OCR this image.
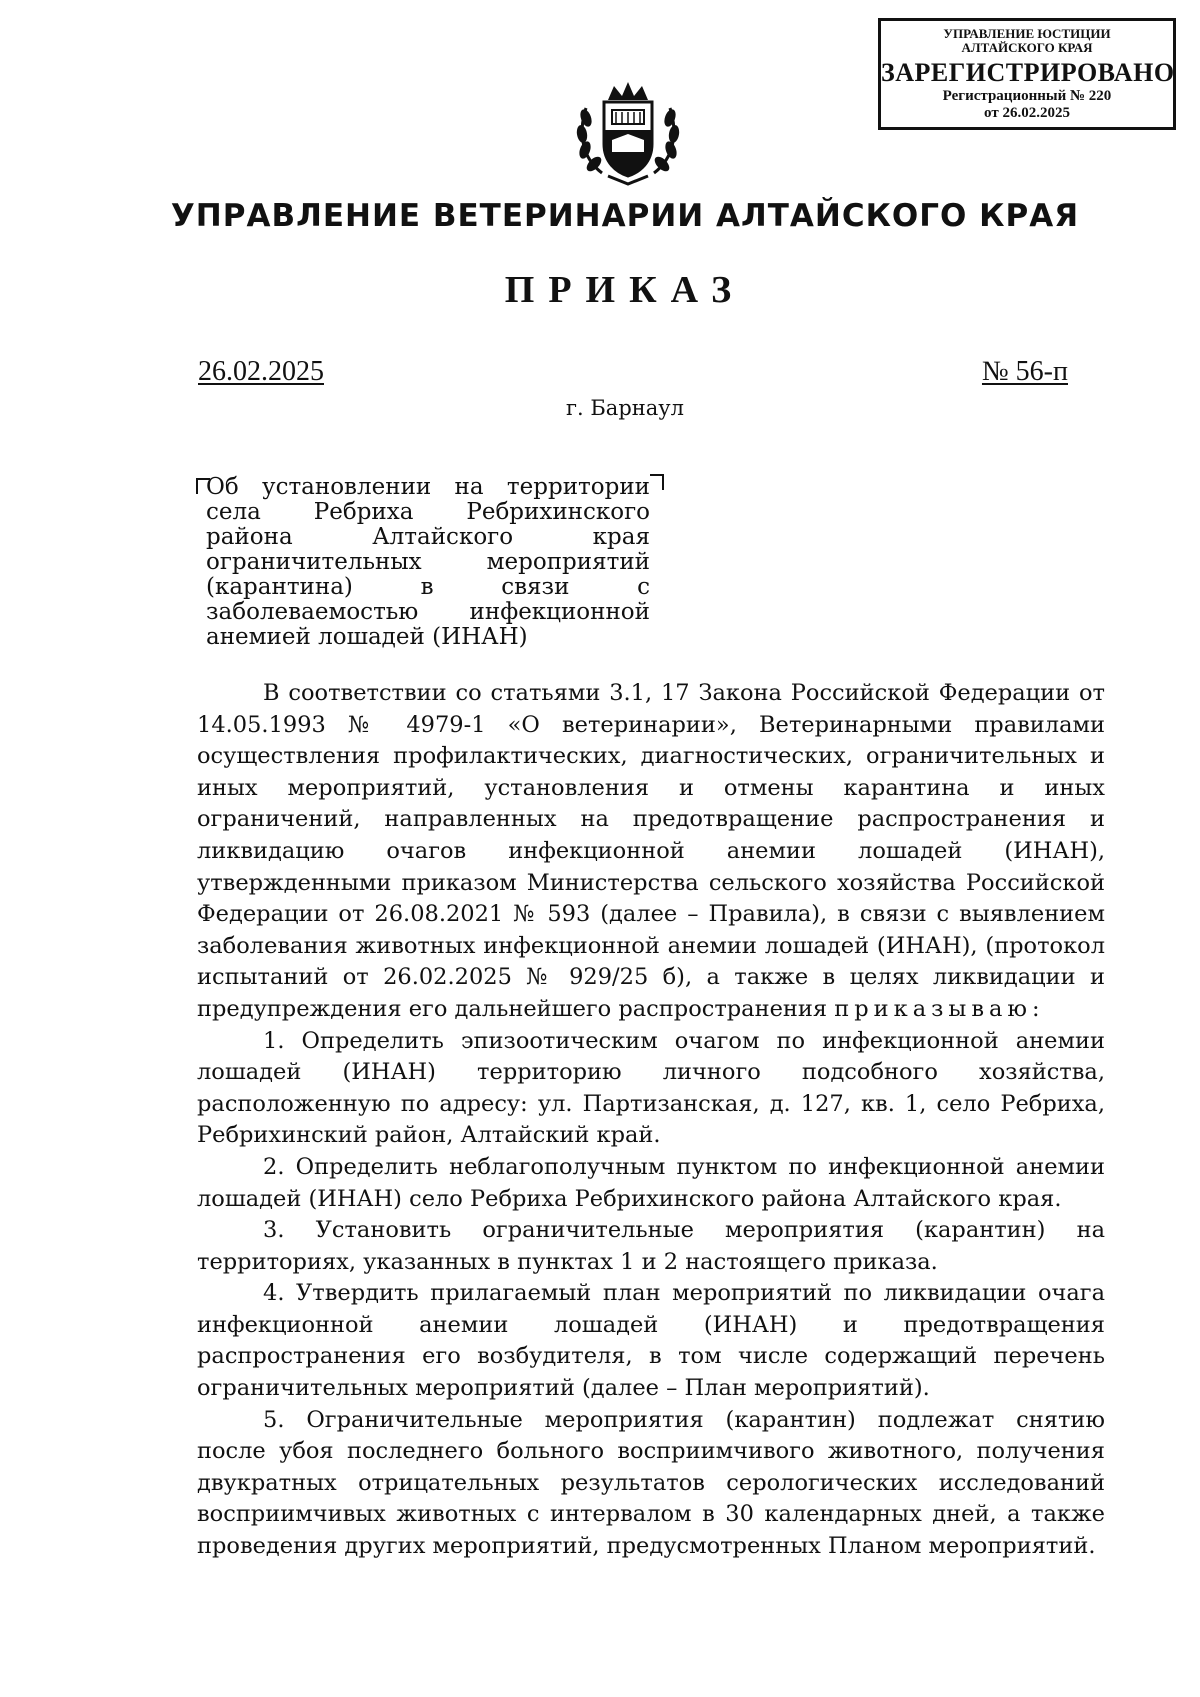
УПРАВЛЕНИЕ ЮСТИЦИИ
АЛТАЙСКОГО КРАЯ
ЗАРЕГИСТРИРОВАНО
Регистрационный № 220
от 26.02.2025
УПРАВЛЕНИЕ ВЕТЕРИНАРИИ АЛТАЙСКОГО КРАЯ
ПРИКАЗ
26.02.2025	№ 56-п
г. Барнаул
Об установлении на территории села Ребриха Ребрихинского района Алтайского края ограничительных мероприятий (карантина) в связи с заболеваемостью инфекционной анемией лошадей (ИНАН)

В соответствии со статьями 3.1, 17 Закона Российской Федерации от 14.05.1993 № 4979-1 «О ветеринарии», Ветеринарными правилами осуществления профилактических, диагностических, ограничительных и иных мероприятий, установления и отмены карантина и иных ограничений, направленных на предотвращение распространения и ликвидацию очагов инфекционной анемии лошадей (ИНАН), утвержденными приказом Министерства сельского хозяйства Российской Федерации от 26.08.2021 № 593 (далее – Правила), в связи с выявлением заболевания животных инфекционной анемии лошадей (ИНАН), (протокол испытаний от 26.02.2025 № 929/25 б), а также в целях ликвидации и предупреждения его дальнейшего распространения приказываю:

1. Определить эпизоотическим очагом по инфекционной анемии лошадей (ИНАН) территорию личного подсобного хозяйства, расположенную по адресу: ул. Партизанская, д. 127, кв. 1, село Ребриха, Ребрихинский район, Алтайский край.

2. Определить неблагополучным пунктом по инфекционной анемии лошадей (ИНАН) село Ребриха Ребрихинского района Алтайского края.

3. Установить ограничительные мероприятия (карантин) на территориях, указанных в пунктах 1 и 2 настоящего приказа.

4. Утвердить прилагаемый план мероприятий по ликвидации очага инфекционной анемии лошадей (ИНАН) и предотвращения распространения его возбудителя, в том числе содержащий перечень ограничительных мероприятий (далее – План мероприятий).

5. Ограничительные мероприятия (карантин) подлежат снятию после убоя последнего больного восприимчивого животного, получения двукратных отрицательных результатов серологических исследований восприимчивых животных с интервалом в 30 календарных дней, а также проведения других мероприятий, предусмотренных Планом мероприятий.
